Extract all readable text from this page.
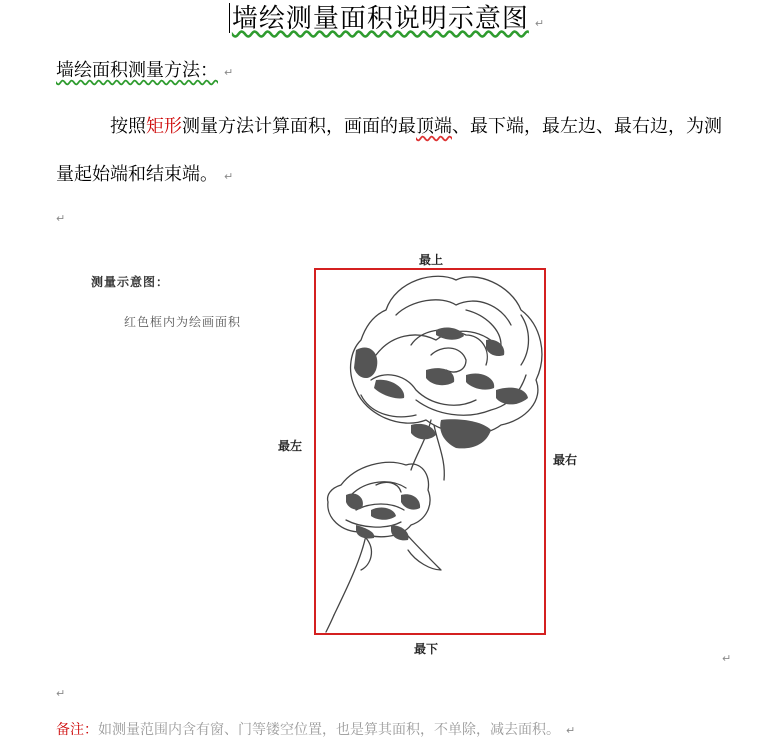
墙绘测量面积说明示意图 ↵
墙绘面积测量方法： ↵
按照矩形测量方法计算面积，画面的最顶端、最下端，最左边、最右边，为测量起始端和结束端。 ↵
↵
↵
↵
测量示意图：
红色框内为绘画面积
最上
最下
最左
最右
备注：如测量范围内含有窗、门等镂空位置，也是算其面积，不单除，减去面积。 ↵
